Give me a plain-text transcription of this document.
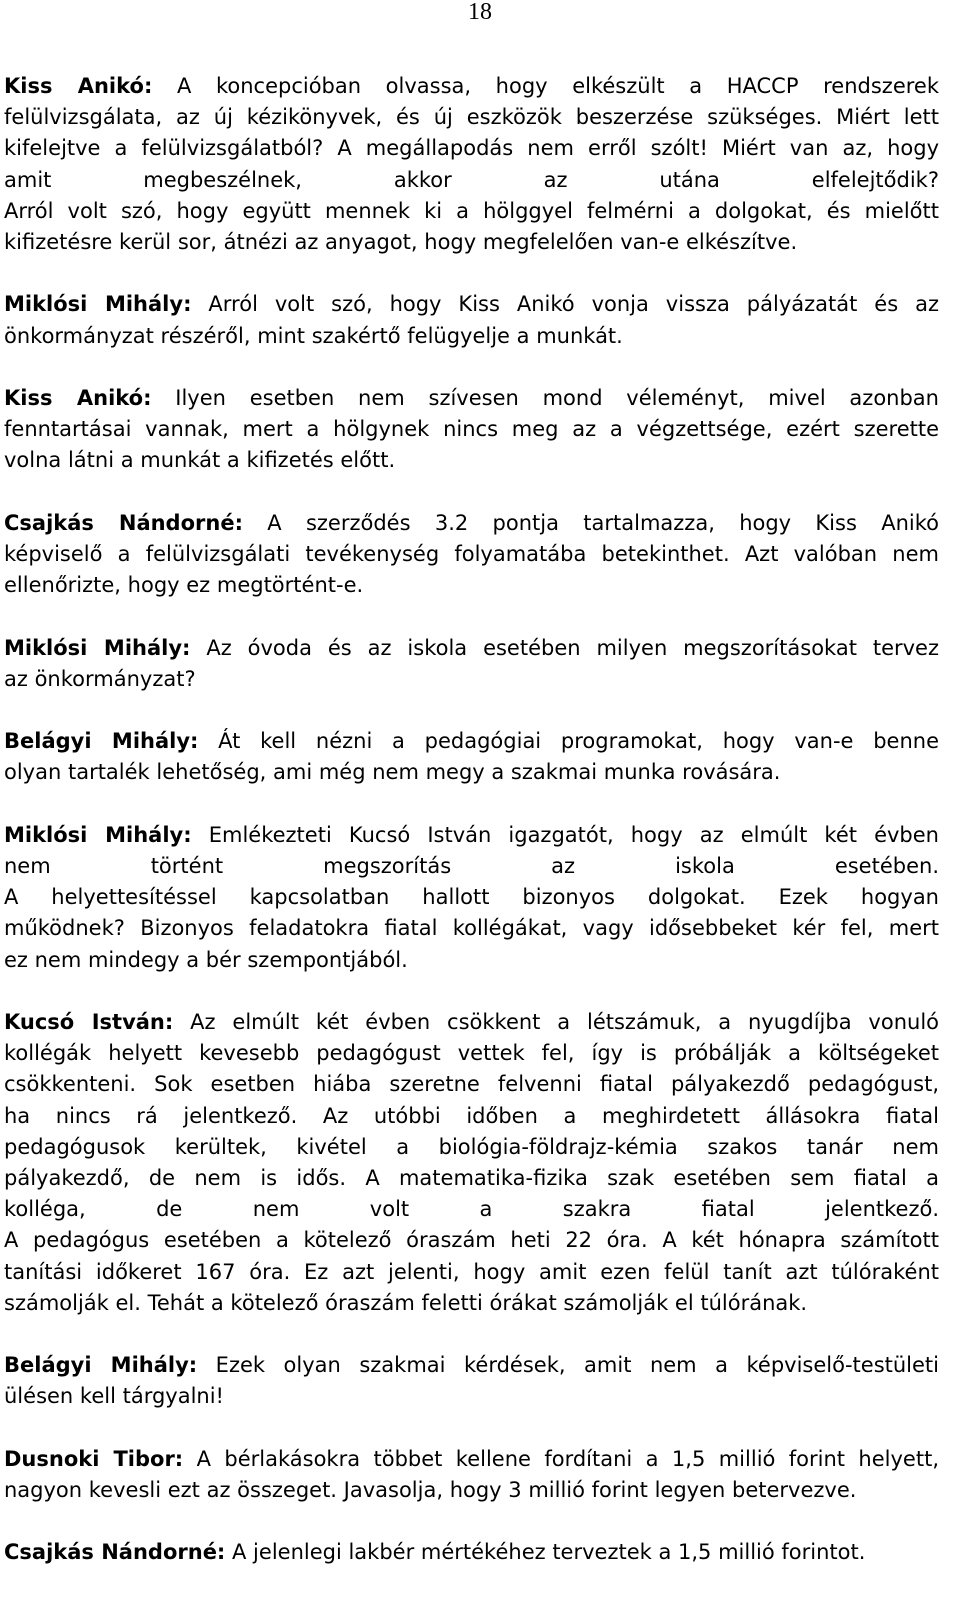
18
Kiss Anikó: A koncepcióban olvassa, hogy elkészült a HACCP rendszerek
felülvizsgálata, az új kézikönyvek, és új eszközök beszerzése szükséges. Miért lett
kifelejtve a felülvizsgálatból? A megállapodás nem erről szólt! Miért van az, hogy
amit megbeszélnek, akkor az utána elfelejtődik?
Arról volt szó, hogy együtt mennek ki a hölggyel felmérni a dolgokat, és mielőtt
kifizetésre kerül sor, átnézi az anyagot, hogy megfelelően van-e elkészítve.
Miklósi Mihály: Arról volt szó, hogy Kiss Anikó vonja vissza pályázatát és az
önkormányzat részéről, mint szakértő felügyelje a munkát.
Kiss Anikó: Ilyen esetben nem szívesen mond véleményt, mivel azonban
fenntartásai vannak, mert a hölgynek nincs meg az a végzettsége, ezért szerette
volna látni a munkát a kifizetés előtt.
Csajkás Nándorné: A szerződés 3.2 pontja tartalmazza, hogy Kiss Anikó
képviselő a felülvizsgálati tevékenység folyamatába betekinthet. Azt valóban nem
ellenőrizte, hogy ez megtörtént-e.
Miklósi Mihály: Az óvoda és az iskola esetében milyen megszorításokat tervez
az önkormányzat?
Belágyi Mihály: Át kell nézni a pedagógiai programokat, hogy van-e benne
olyan tartalék lehetőség, ami még nem megy a szakmai munka rovására.
Miklósi Mihály: Emlékezteti Kucsó István igazgatót, hogy az elmúlt két évben
nem történt megszorítás az iskola esetében.
A helyettesítéssel kapcsolatban hallott bizonyos dolgokat. Ezek hogyan
működnek? Bizonyos feladatokra fiatal kollégákat, vagy idősebbeket kér fel, mert
ez nem mindegy a bér szempontjából.
Kucsó István: Az elmúlt két évben csökkent a létszámuk, a nyugdíjba vonuló
kollégák helyett kevesebb pedagógust vettek fel, így is próbálják a költségeket
csökkenteni. Sok esetben hiába szeretne felvenni fiatal pályakezdő pedagógust,
ha nincs rá jelentkező. Az utóbbi időben a meghirdetett állásokra fiatal
pedagógusok kerültek, kivétel a biológia-földrajz-kémia szakos tanár nem
pályakezdő, de nem is idős. A matematika-fizika szak esetében sem fiatal a
kolléga, de nem volt a szakra fiatal jelentkező.
A pedagógus esetében a kötelező óraszám heti 22 óra. A két hónapra számított
tanítási időkeret 167 óra. Ez azt jelenti, hogy amit ezen felül tanít azt túlóraként
számolják el. Tehát a kötelező óraszám feletti órákat számolják el túlórának.
Belágyi Mihály: Ezek olyan szakmai kérdések, amit nem a képviselő-testületi
ülésen kell tárgyalni!
Dusnoki Tibor: A bérlakásokra többet kellene fordítani a 1,5 millió forint helyett,
nagyon kevesli ezt az összeget. Javasolja, hogy 3 millió forint legyen betervezve.
Csajkás Nándorné: A jelenlegi lakbér mértékéhez terveztek a 1,5 millió forintot.
